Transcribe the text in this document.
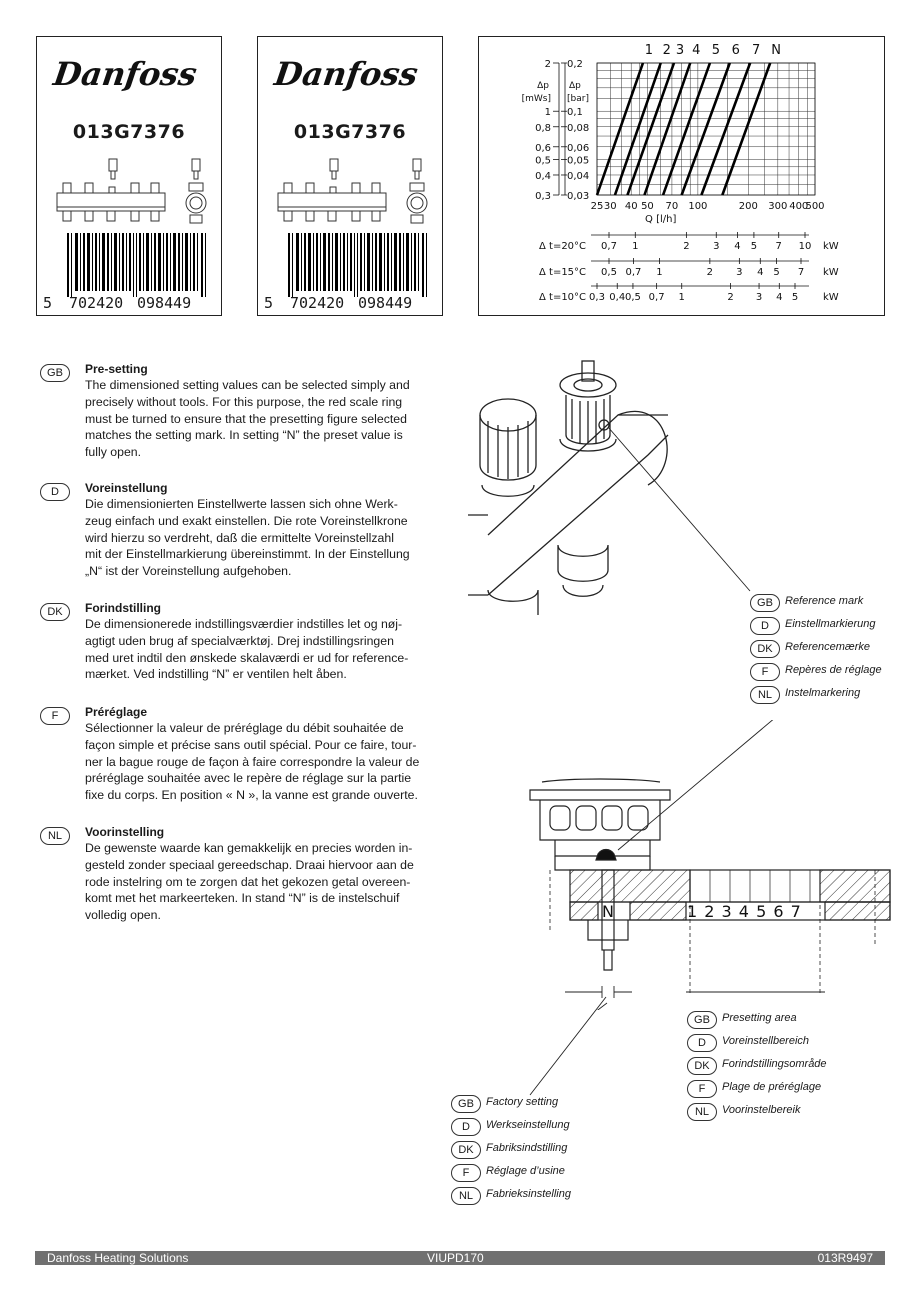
Danfoss
013G7376
5 702420 098449
Danfoss
013G7376
5 702420 098449
0,2
2
0,1
1
0,08
0,8
0,06
0,6
0,05
0,5
0,04
0,4
0,03
0,3
Δp
[mWs]
Δp
[bar]
25 30 40 50 70 100	200 300 400
500
Q [l/h]
1 2 3 4 5 6 7 N
Δ t=20°C 0,7 1	2 3 4 5 7 10 kW
Δ t=15°C 0,5 0,7 1	2 3 4 5 7 kW
Δ t=10°C 0,3 0,4 0,5 0,7 1	2 3 4 5 kW
GB	Pre-setting

The dimensioned setting values can be selected simply and
precisely without tools. For this purpose, the red scale ring
must be turned to ensure that the presetting figure selected
matches the setting mark. In setting “N” the preset value is
fully open.

D	Voreinstellung

Die dimensionierten Einstellwerte lassen sich ohne Werk-
zeug einfach und exakt einstellen. Die rote Voreinstellkrone
wird hierzu so verdreht, daß die ermittelte Voreinstellzahl
mit der Einstellmarkierung übereinstimmt. In der Einstellung
„N“ ist der Voreinstellung aufgehoben.

DK	Forindstilling

De dimensionerede indstillingsværdier indstilles let og nøj-
agtigt uden brug af specialværktøj. Drej indstillingsringen
med uret indtil den ønskede skalaværdi er ud for reference-
mærket. Ved indstilling “N” er ventilen helt åben.

F	Préréglage

Sélectionner la valeur de préréglage du débit souhaitée de
façon simple et précise sans outil spécial. Pour ce faire, tour-
ner la bague rouge de façon à faire correspondre la valeur de
préréglage souhaitée avec le repère de réglage sur la partie
fixe du corps. En position « N », la vanne est grande ouverte.

NL	Voorinstelling

De gewenste waarde kan gemakkelijk en precies worden in-
gesteld zonder speciaal gereedschap. Draai hiervoor aan de
rode instelring om te zorgen dat het gekozen getal overeen-
komt met het markeerteken. In stand “N” is de instelschuif
volledig open.	N	1 2 3 4 5 6 7
GB	Reference mark
D	Einstellmarkierung
DK	Referencemærke
F	Repères de réglage
NL	Instelmarkering
GB	Presetting area
D	Voreinstellbereich
DK	Forindstillingsområde
F	Plage de préréglage
NL	Voorinstelbereik
GB	Factory setting
D	Werkseinstellung
DK	Fabriksindstilling
F	Réglage d’usine
NL	Fabrieksinstelling
Danfoss Heating Solutions	VIUPD170	013R9497
